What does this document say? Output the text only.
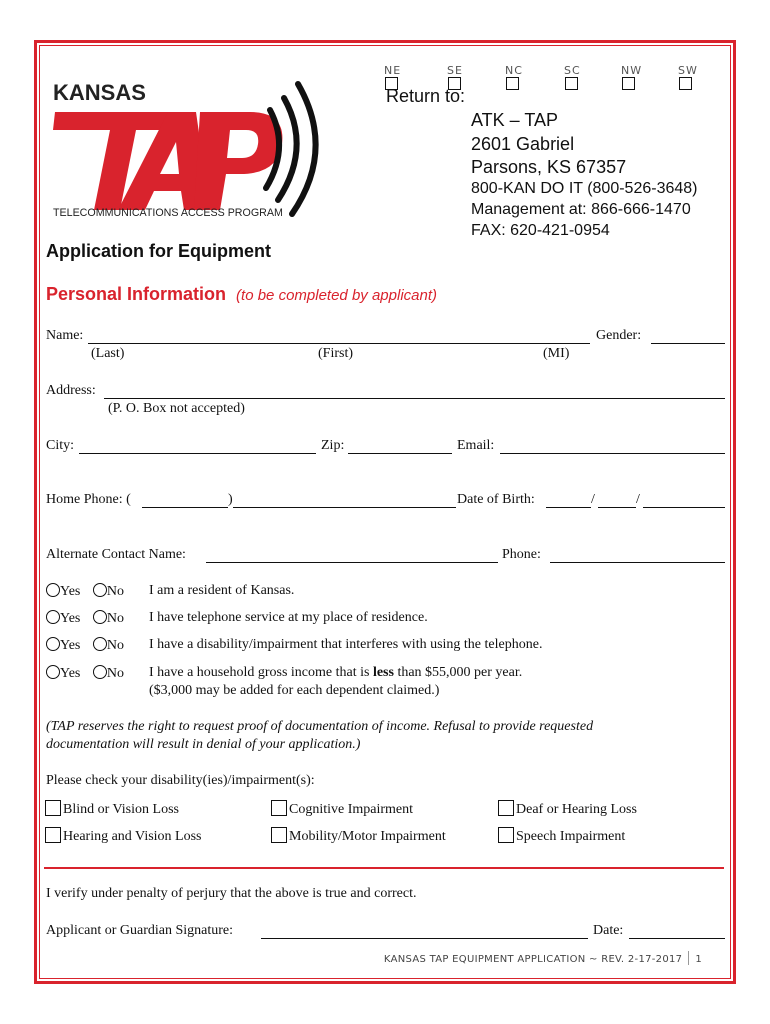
KANSAS
TELECOMMUNICATIONS ACCESS PROGRAM
NE	SE	NC	SC	NW	SW
Return to:
ATK – TAP
2601 Gabriel
Parsons, KS 67357
800-KAN DO IT (800-526-3648)
Management at: 866-666-1470
FAX: 620-421-0954
Application for Equipment
Personal Information (to be completed by applicant)
Name:	Gender:
(Last)	(First)	(MI)
Address:
(P. O. Box not accepted)
City:	Zip:	Email:
Home Phone: (	)	Date of Birth:	/	/
Alternate Contact Name:	Phone:
Yes No I am a resident of Kansas.
Yes No I have telephone service at my place of residence.
Yes No I have a disability/impairment that interferes with using the telephone.
Yes No I have a household gross income that is less than $55,000 per year.
($3,000 may be added for each dependent claimed.)
(TAP reserves the right to request proof of documentation of income. Refusal to provide requested
documentation will result in denial of your application.)
Please check your disability(ies)/impairment(s):
Blind or Vision Loss	Cognitive Impairment	Deaf or Hearing Loss
Hearing and Vision Loss	Mobility/Motor Impairment	Speech Impairment
I verify under penalty of perjury that the above is true and correct.
Applicant or Guardian Signature:	Date:
KANSAS TAP EQUIPMENT APPLICATION ~ REV. 2-17-2017 1
